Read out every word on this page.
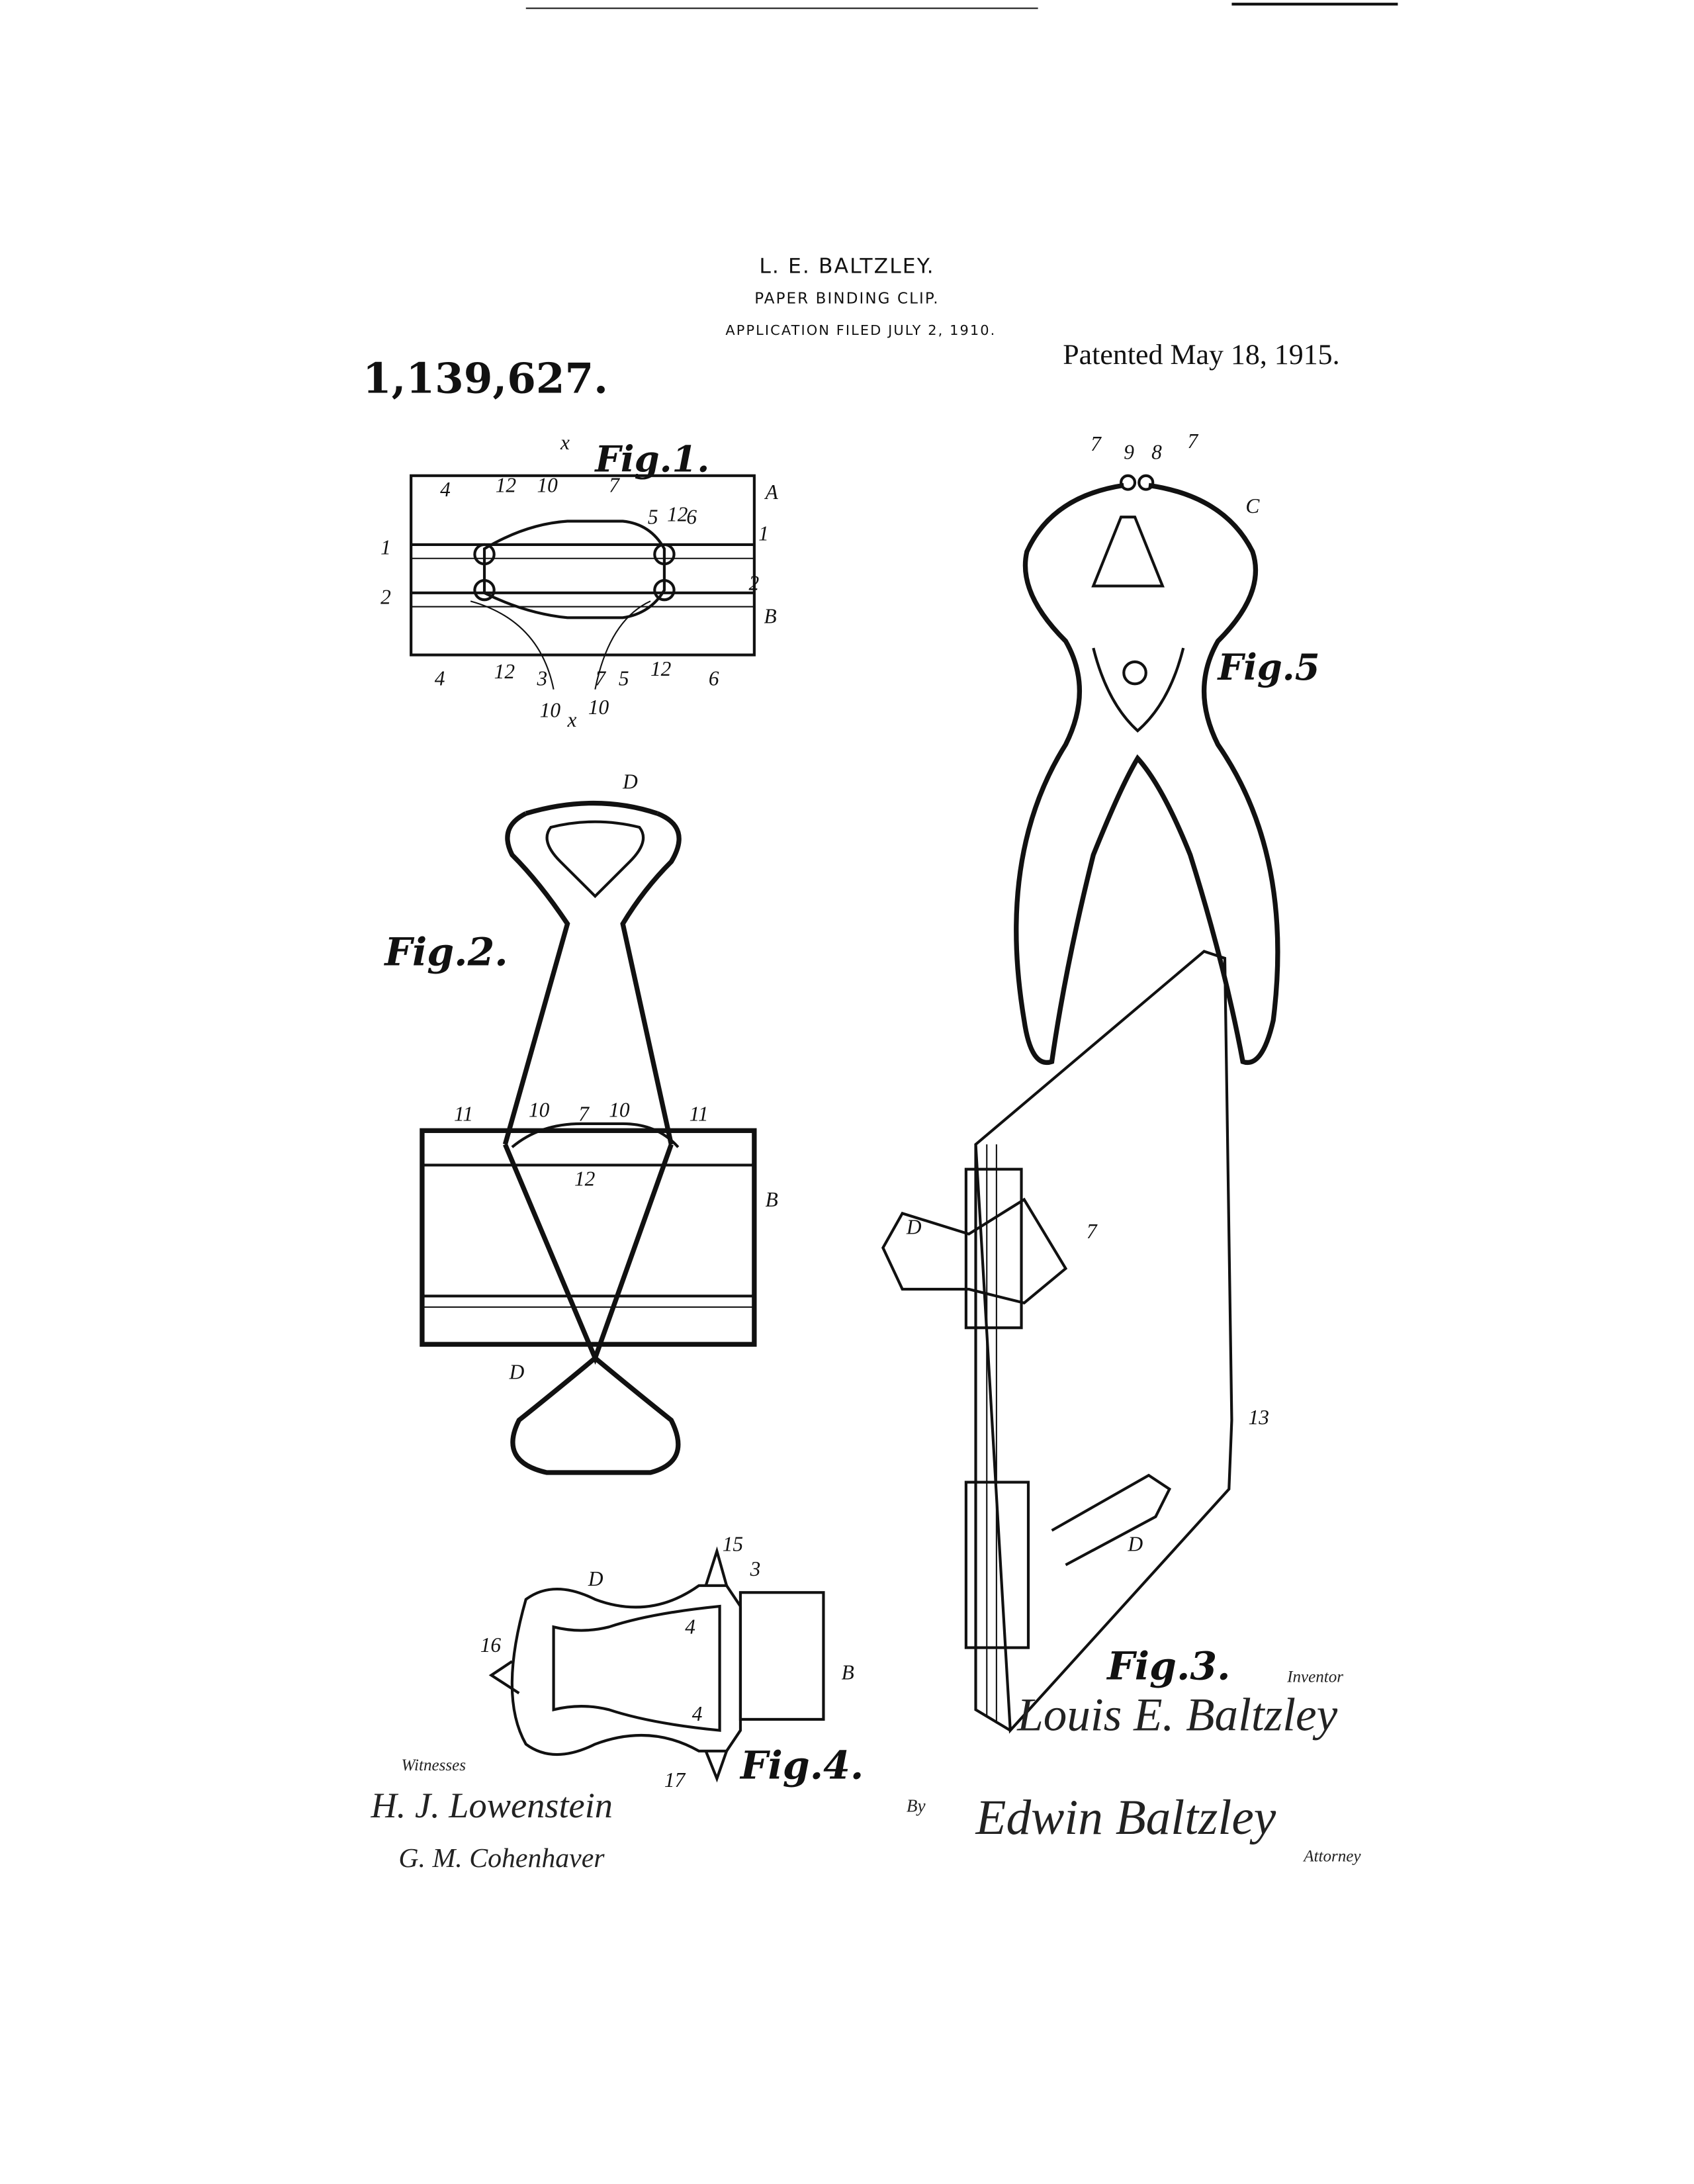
L. E. BALTZLEY.
PAPER BINDING CLIP.
APPLICATION FILED JULY 2, 1910.
1,139,627.	Patented May 18, 1915.
Fig.1.
x
4	12 10	7
5 12
6
A
1
1
2
2
B
4	12 3	7 5 12	6
10 x
10
Fig.2.
D
11	10	7 10	11
12
B
D
Fig.5
7 9 8	7
C
Fig.3.
D	7
13
D
Fig.4.
D
15
3
4
16
B
4
17
Witnesses
H. J. Lowenstein
G. M. Cohenhaver
Inventor
Louis E. Baltzley
By Edwin Baltzley
Attorney
